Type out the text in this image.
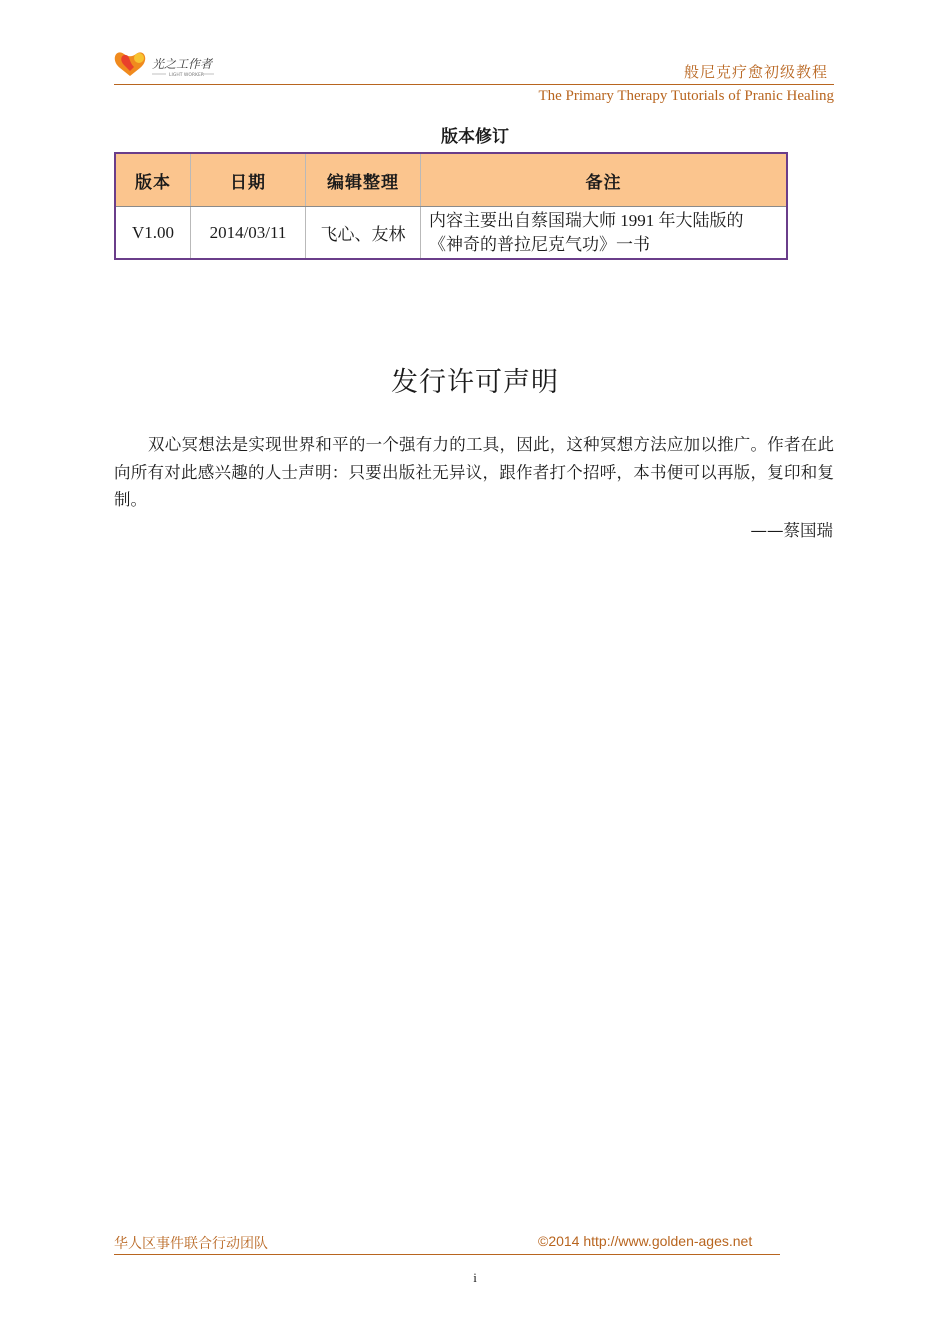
光之工作者
LIGHT WORKER	般尼克疗愈初级教程
The Primary Therapy Tutorials of Pranic Healing
版本修订
版本	日期	编辑整理	备注
V1.00	2014/03/11	飞心、友林	内容主要出自蔡国瑞大师 1991 年大陆版的
《神奇的普拉尼克气功》一书
发行许可声明
双心冥想法是实现世界和平的一个强有力的工具，因此，这种冥想方法应加以推广。作者在此向所有对此感兴趣的人士声明：只要出版社无异议，跟作者打个招呼，本书便可以再版，复印和复制。
——蔡国瑞
华人区事件联合行动团队	©2014 http://www.golden-ages.net
i
